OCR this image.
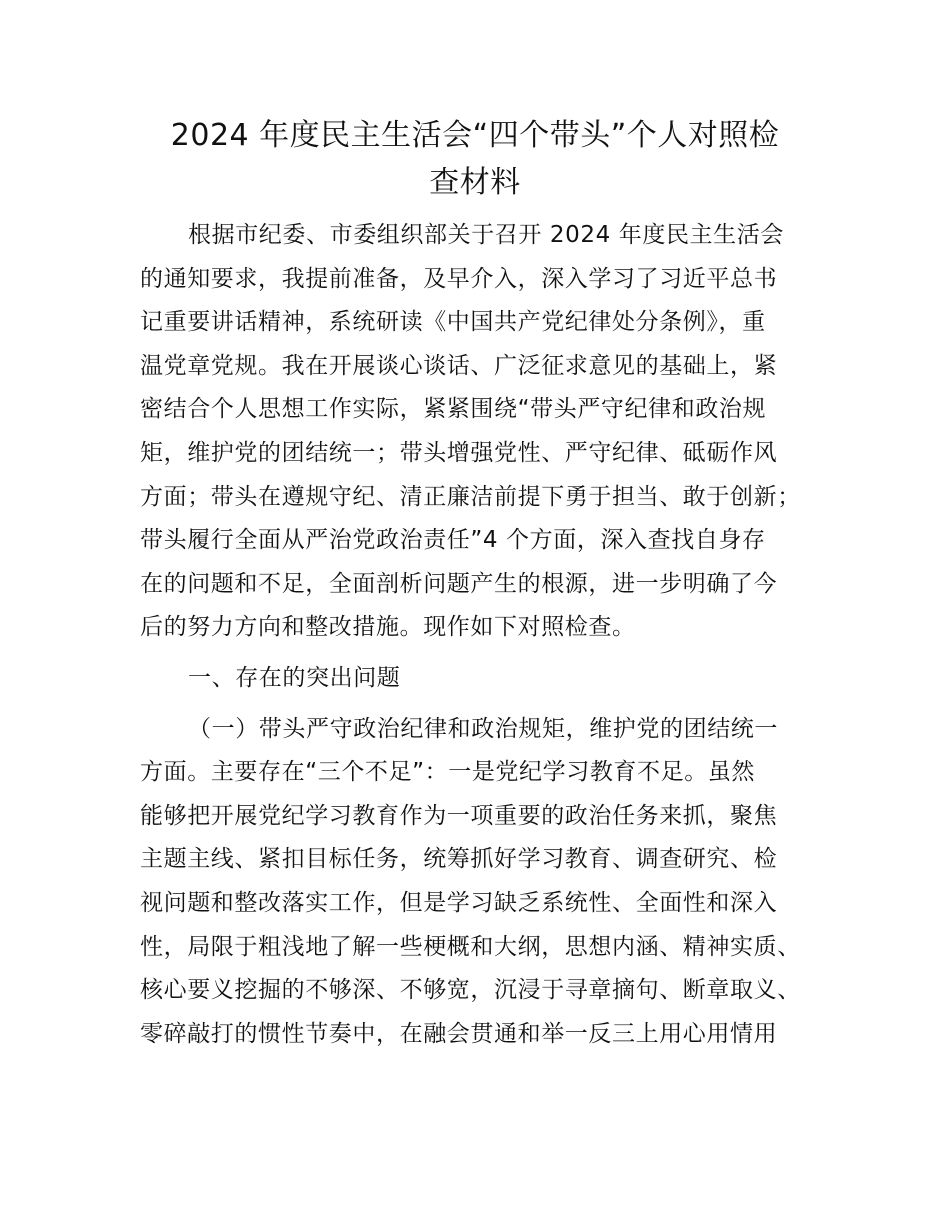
2024 年度民主生活会“四个带头”个人对照检
查材料
根据市纪委、市委组织部关于召开 2024 年度民主生活会
的通知要求，我提前准备，及早介入，深入学习了习近平总书
记重要讲话精神，系统研读《中国共产党纪律处分条例》，重
温党章党规。我在开展谈心谈话、广泛征求意见的基础上，紧
密结合个人思想工作实际，紧紧围绕“带头严守纪律和政治规
矩，维护党的团结统一；带头增强党性、严守纪律、砥砺作风
方面；带头在遵规守纪、清正廉洁前提下勇于担当、敢于创新；
带头履行全面从严治党政治责任”4 个方面，深入查找自身存
在的问题和不足，全面剖析问题产生的根源，进一步明确了今
后的努力方向和整改措施。现作如下对照检查。
一、存在的突出问题
（一）带头严守政治纪律和政治规矩，维护党的团结统一
方面。主要存在“三个不足”：一是党纪学习教育不足。虽然
能够把开展党纪学习教育作为一项重要的政治任务来抓，聚焦
主题主线、紧扣目标任务，统筹抓好学习教育、调查研究、检
视问题和整改落实工作，但是学习缺乏系统性、全面性和深入
性，局限于粗浅地了解一些梗概和大纲，思想内涵、精神实质、
核心要义挖掘的不够深、不够宽，沉浸于寻章摘句、断章取义、
零碎敲打的惯性节奏中，在融会贯通和举一反三上用心用情用
